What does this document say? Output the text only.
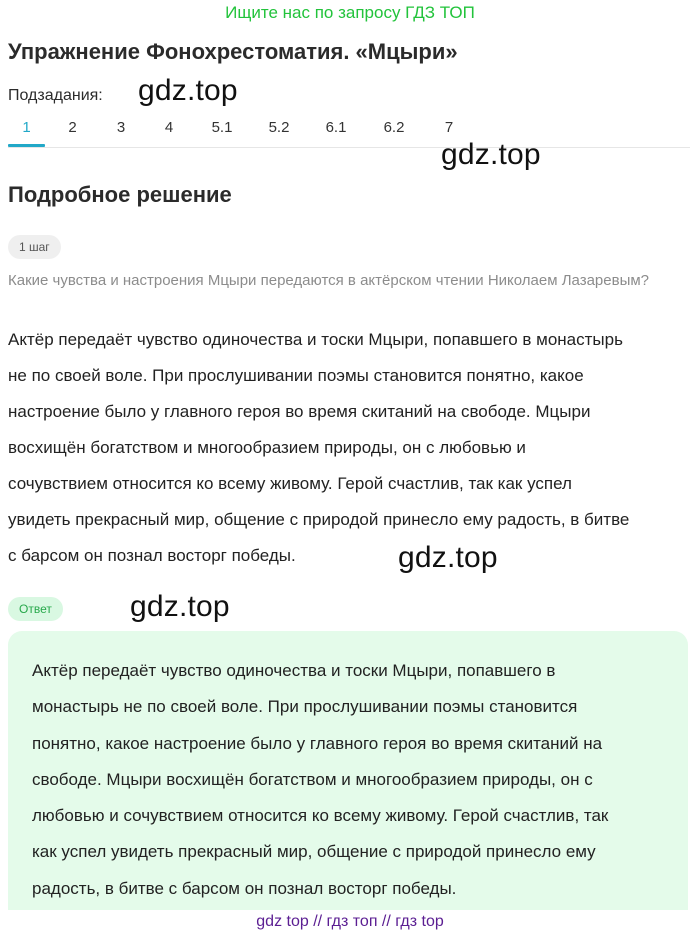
Ищите нас по запросу ГДЗ ТОП
Упражнение Фонохрестоматия. «Мцыри»
Подзадания:
1	2	3	4	5.1	5.2	6.1	6.2	7
gdz.top
gdz.top
Подробное решение
1 шаг
Какие чувства и настроения Мцыри передаются в актёрском чтении Николаем Лазаревым?
Актёр передаёт чувство одиночества и тоски Мцыри, попавшего в монастырь
не по своей воле. При прослушивании поэмы становится понятно, какое
настроение было у главного героя во время скитаний на свободе. Мцыри
восхищён богатством и многообразием природы, он с любовью и
сочувствием относится ко всему живому. Герой счастлив, так как успел
увидеть прекрасный мир, общение с природой принесло ему радость, в битве
с барсом он познал восторг победы.	gdz.top
Ответ	gdz.top
Актёр передаёт чувство одиночества и тоски Мцыри, попавшего в
монастырь не по своей воле. При прослушивании поэмы становится
понятно, какое настроение было у главного героя во время скитаний на
свободе. Мцыри восхищён богатством и многообразием природы, он с
любовью и сочувствием относится ко всему живому. Герой счастлив, так
как успел увидеть прекрасный мир, общение с природой принесло ему
радость, в битве с барсом он познал восторг победы.
gdz top // гдз топ // гдз top
